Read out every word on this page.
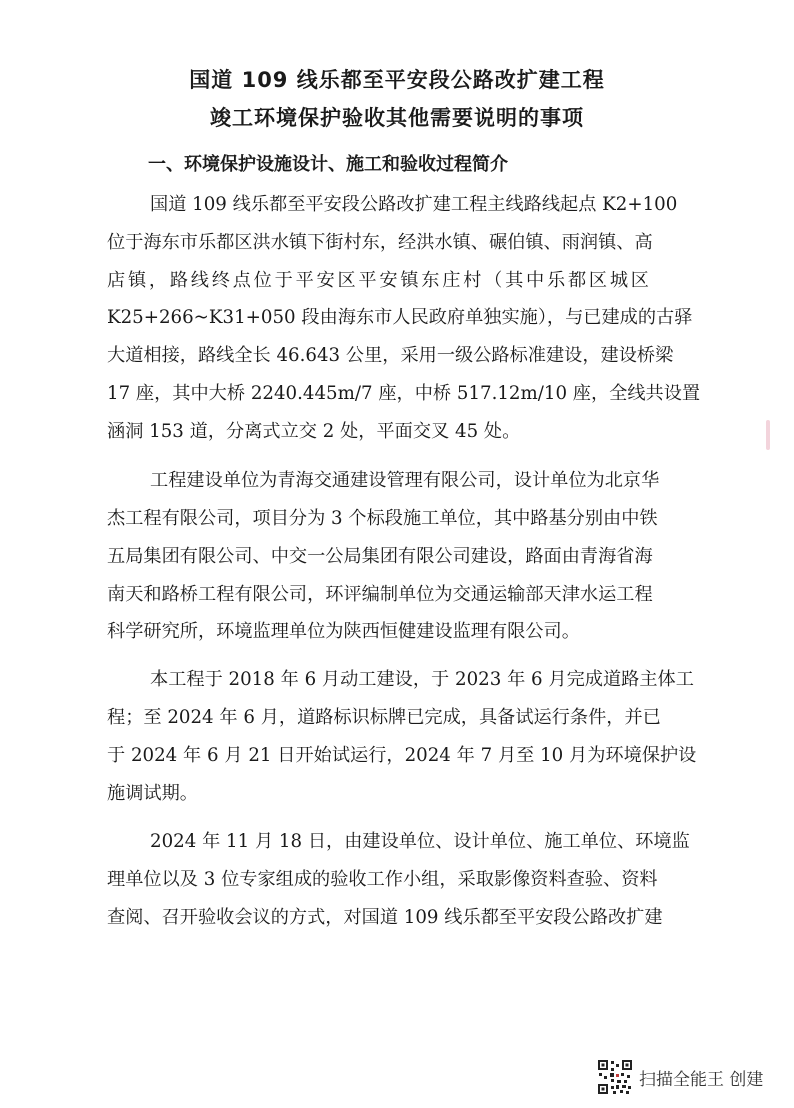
国道 109 线乐都至平安段公路改扩建工程
竣工环境保护验收其他需要说明的事项
一、环境保护设施设计、施工和验收过程简介
国道 109 线乐都至平安段公路改扩建工程主线路线起点 K2+100
位于海东市乐都区洪水镇下街村东，经洪水镇、碾伯镇、雨润镇、高
店镇，路线终点位于平安区平安镇东庄村（其中乐都区城区
K25+266~K31+050 段由海东市人民政府单独实施），与已建成的古驿
大道相接，路线全长 46.643 公里，采用一级公路标准建设，建设桥梁
17 座，其中大桥 2240.445m/7 座，中桥 517.12m/10 座，全线共设置
涵洞 153 道，分离式立交 2 处，平面交叉 45 处。
工程建设单位为青海交通建设管理有限公司，设计单位为北京华
杰工程有限公司，项目分为 3 个标段施工单位，其中路基分别由中铁
五局集团有限公司、中交一公局集团有限公司建设，路面由青海省海
南天和路桥工程有限公司，环评编制单位为交通运输部天津水运工程
科学研究所，环境监理单位为陕西恒健建设监理有限公司。
本工程于 2018 年 6 月动工建设，于 2023 年 6 月完成道路主体工
程；至 2024 年 6 月，道路标识标牌已完成，具备试运行条件，并已
于 2024 年 6 月 21 日开始试运行，2024 年 7 月至 10 月为环境保护设
施调试期。
2024 年 11 月 18 日，由建设单位、设计单位、施工单位、环境监
理单位以及 3 位专家组成的验收工作小组，采取影像资料查验、资料
查阅、召开验收会议的方式，对国道 109 线乐都至平安段公路改扩建
扫描全能王 创建
